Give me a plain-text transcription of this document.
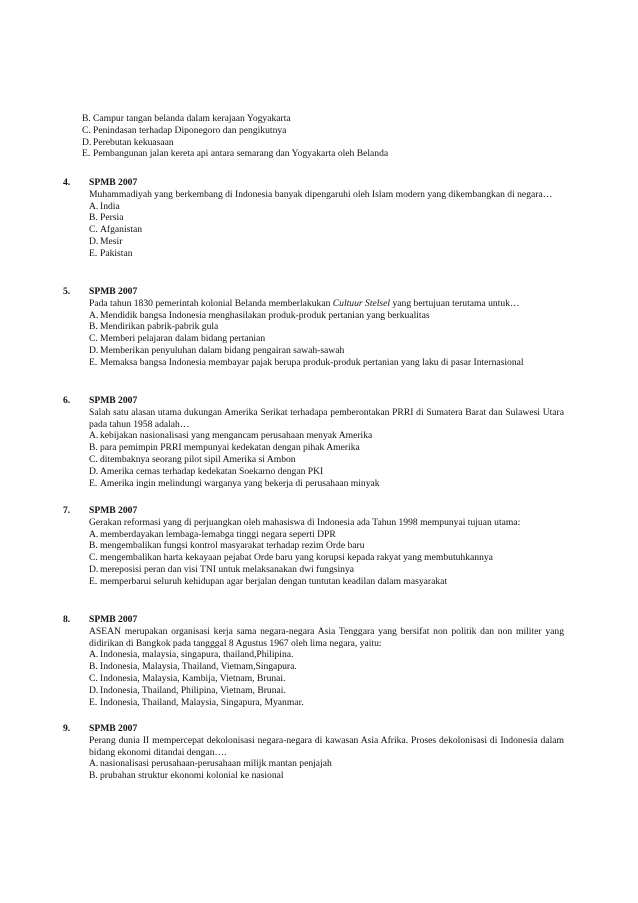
B. Campur tangan belanda dalam kerajaan Yogyakarta
C. Penindasan terhadap Diponegoro dan pengikutnya
D. Perebutan kekuasaan
E. Pembangunan jalan kereta api antara semarang dan Yogyakarta oleh Belanda
4. SPMB 2007
Muhammadiyah yang berkembang di Indonesia banyak dipengaruhi oleh Islam modern yang dikembangkan di negara…
A. India
B. Persia
C. Afganistan
D. Mesir
E. Pakistan
5. SPMB 2007
Pada tahun 1830 pemerintah kolonial Belanda memberlakukan Cultuur Stelsel yang bertujuan terutama untuk…
A. Mendidik bangsa Indonesia menghasilakan produk-produk pertanian yang berkualitas
B. Mendirikan pabrik-pabrik gula
C. Memberi pelajaran dalam bidang pertanian
D. Memberikan penyuluhan dalam bidang pengairan sawah-sawah
E. Memaksa bangsa Indonesia membayar pajak berupa produk-produk pertanian yang laku di pasar Internasional
6. SPMB 2007
Salah satu alasan utama dukungan Amerika Serikat terhadapa pemberontakan PRRI di Sumatera Barat dan Sulawesi Utara pada tahun 1958 adalah…
A. kebijakan nasionalisasi yang mengancam perusahaan menyak Amerika
B. para pemimpin PRRI mempunyai kedekatan dengan pihak Amerika
C. ditembaknya seorang pilot sipil Amerika si Ambon
D. Amerika cemas terhadap kedekatan Soekarno dengan PKI
E. Amerika ingin melindungi warganya yang bekerja di perusahaan minyak
7. SPMB 2007
Gerakan reformasi yang di perjuangkan oleh mahasiswa di Indonesia ada Tahun 1998 mempunyai tujuan utama:
A. memberdayakan lembaga-lemabga tinggi negara seperti DPR
B. mengembalikan fungsi kontrol masyarakat terhadap rezim Orde baru
C. mengembalikan harta kekayaan pejabat Orde baru yang korupsi kepada rakyat yang membutuhkannya
D. mereposisi peran dan visi TNI untuk melaksanakan dwi fungsinya
E. memperbarui seluruh kehidupan agar berjalan dengan tuntutan keadilan dalam masyarakat
8. SPMB 2007
ASEAN merupakan organisasi kerja sama negara-negara Asia Tenggara yang bersifat non politik dan non militer yang didirikan di Bangkok pada tangggal 8 Agustus 1967 oleh lima negara, yaitu:
A. Indonesia, malaysia, singapura, thailand,Philipina.
B. Indonesia, Malaysia, Thailand, Vietnam,Singapura.
C. Indonesia, Malaysia, Kambija, Vietnam, Brunai.
D. Indonesia, Thailand, Philipina, Vietnam, Brunai.
E. Indonesia, Thailand, Malaysia, Singapura, Myanmar.
9. SPMB 2007
Perang dunia II mempercepat dekolonisasi negara-negara di kawasan Asia Afrika. Proses dekolonisasi di Indonesia dalam bidang ekonomi ditandai dengan….
A. nasionalisasi perusahaan-perusahaan milijk mantan penjajah
B. prubahan struktur ekonomi kolonial ke nasional
